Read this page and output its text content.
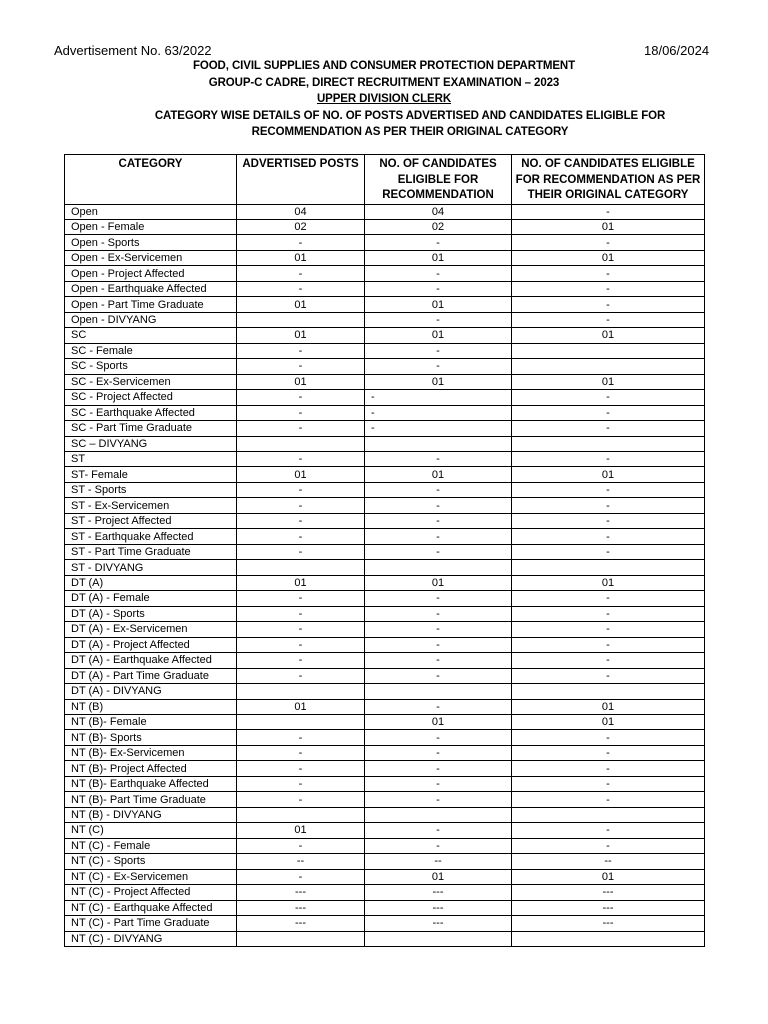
Advertisement No. 63/2022	18/06/2024
FOOD, CIVIL SUPPLIES AND CONSUMER PROTECTION DEPARTMENT
GROUP-C CADRE, DIRECT RECRUITMENT EXAMINATION – 2023
UPPER DIVISION CLERK
CATEGORY WISE DETAILS OF NO. OF POSTS ADVERTISED AND CANDIDATES ELIGIBLE FOR RECOMMENDATION AS PER THEIR ORIGINAL CATEGORY
CATEGORY	ADVERTISED POSTS	NO. OF CANDIDATES ELIGIBLE FOR RECOMMENDATION	NO. OF CANDIDATES ELIGIBLE FOR RECOMMENDATION AS PER THEIR ORIGINAL CATEGORY
Open	04	04	-
Open - Female	02	02	01
Open - Sports	-	-	-
Open - Ex-Servicemen	01	01	01
Open - Project Affected	-	-	-
Open - Earthquake Affected	-	-	-
Open - Part Time Graduate	01	01	-
Open - DIVYANG		-	-
SC	01	01	01
SC - Female	-	-	
SC - Sports	-	-	
SC - Ex-Servicemen	01	01	01
SC - Project Affected	-	-	-
SC - Earthquake Affected	-	-	-
SC - Part Time Graduate	-	-	-
SC – DIVYANG			
ST	-	-	-
ST- Female	01	01	01
ST - Sports	-	-	-
ST - Ex-Servicemen	-	-	-
ST - Project Affected	-	-	-
ST - Earthquake Affected	-	-	-
ST - Part Time Graduate	-	-	-
ST - DIVYANG			
DT (A)	01	01	01
DT (A) - Female	-	-	-
DT (A) - Sports	-	-	-
DT (A) - Ex-Servicemen	-	-	-
DT (A) - Project Affected	-	-	-
DT (A) - Earthquake Affected	-	-	-
DT (A) - Part Time Graduate	-	-	-
DT (A) - DIVYANG			
NT (B)	01	-	01
NT (B)- Female		01	01
NT (B)- Sports	-	-	-
NT (B)- Ex-Servicemen	-	-	-
NT (B)- Project Affected	-	-	-
NT (B)- Earthquake Affected	-	-	-
NT (B)- Part Time Graduate	-	-	-
NT (B) - DIVYANG			
NT (C)	01	-	-
NT (C) - Female	-	-	-
NT (C) - Sports	--	--	--
NT (C) - Ex-Servicemen	-	01	01
NT (C) - Project Affected	---	---	---
NT (C) - Earthquake Affected	---	---	---
NT (C) - Part Time Graduate	---	---	---
NT (C) - DIVYANG			
